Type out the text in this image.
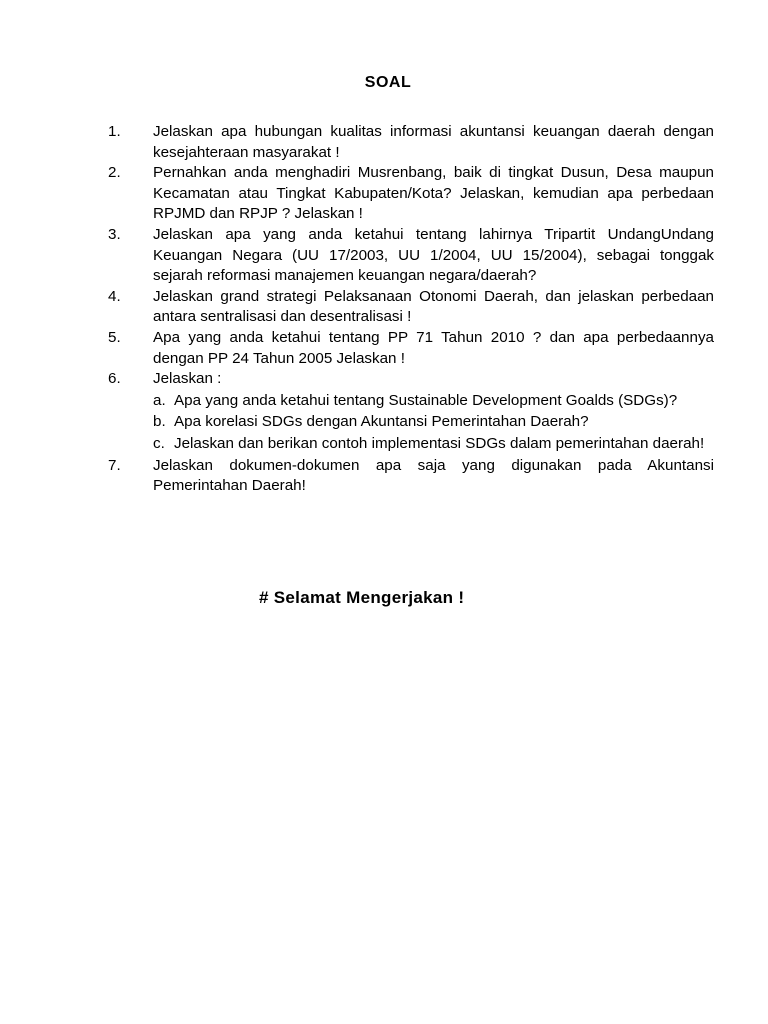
SOAL
1.	Jelaskan apa hubungan kualitas informasi akuntansi keuangan daerah dengan kesejahteraan masyarakat !
2.	Pernahkan anda menghadiri Musrenbang, baik di tingkat Dusun, Desa maupun Kecamatan atau Tingkat Kabupaten/Kota? Jelaskan, kemudian apa perbedaan RPJMD dan RPJP ? Jelaskan !
3.	Jelaskan apa yang anda ketahui tentang lahirnya Tripartit UndangUndang Keuangan Negara (UU 17/2003, UU 1/2004, UU 15/2004), sebagai tonggak sejarah reformasi manajemen keuangan negara/daerah?
4.	Jelaskan grand strategi Pelaksanaan Otonomi Daerah, dan jelaskan perbedaan antara sentralisasi dan desentralisasi !
5.	Apa yang anda ketahui tentang PP 71 Tahun 2010 ? dan apa perbedaannya dengan PP 24 Tahun 2005 Jelaskan !
6.	Jelaskan :
a. Apa yang anda ketahui tentang Sustainable Development Goalds (SDGs)?
b. Apa korelasi SDGs dengan Akuntansi Pemerintahan Daerah?
c. Jelaskan dan berikan contoh implementasi SDGs dalam pemerintahan daerah!
7.	Jelaskan dokumen-dokumen apa saja yang digunakan pada Akuntansi Pemerintahan Daerah!
# Selamat Mengerjakan !
